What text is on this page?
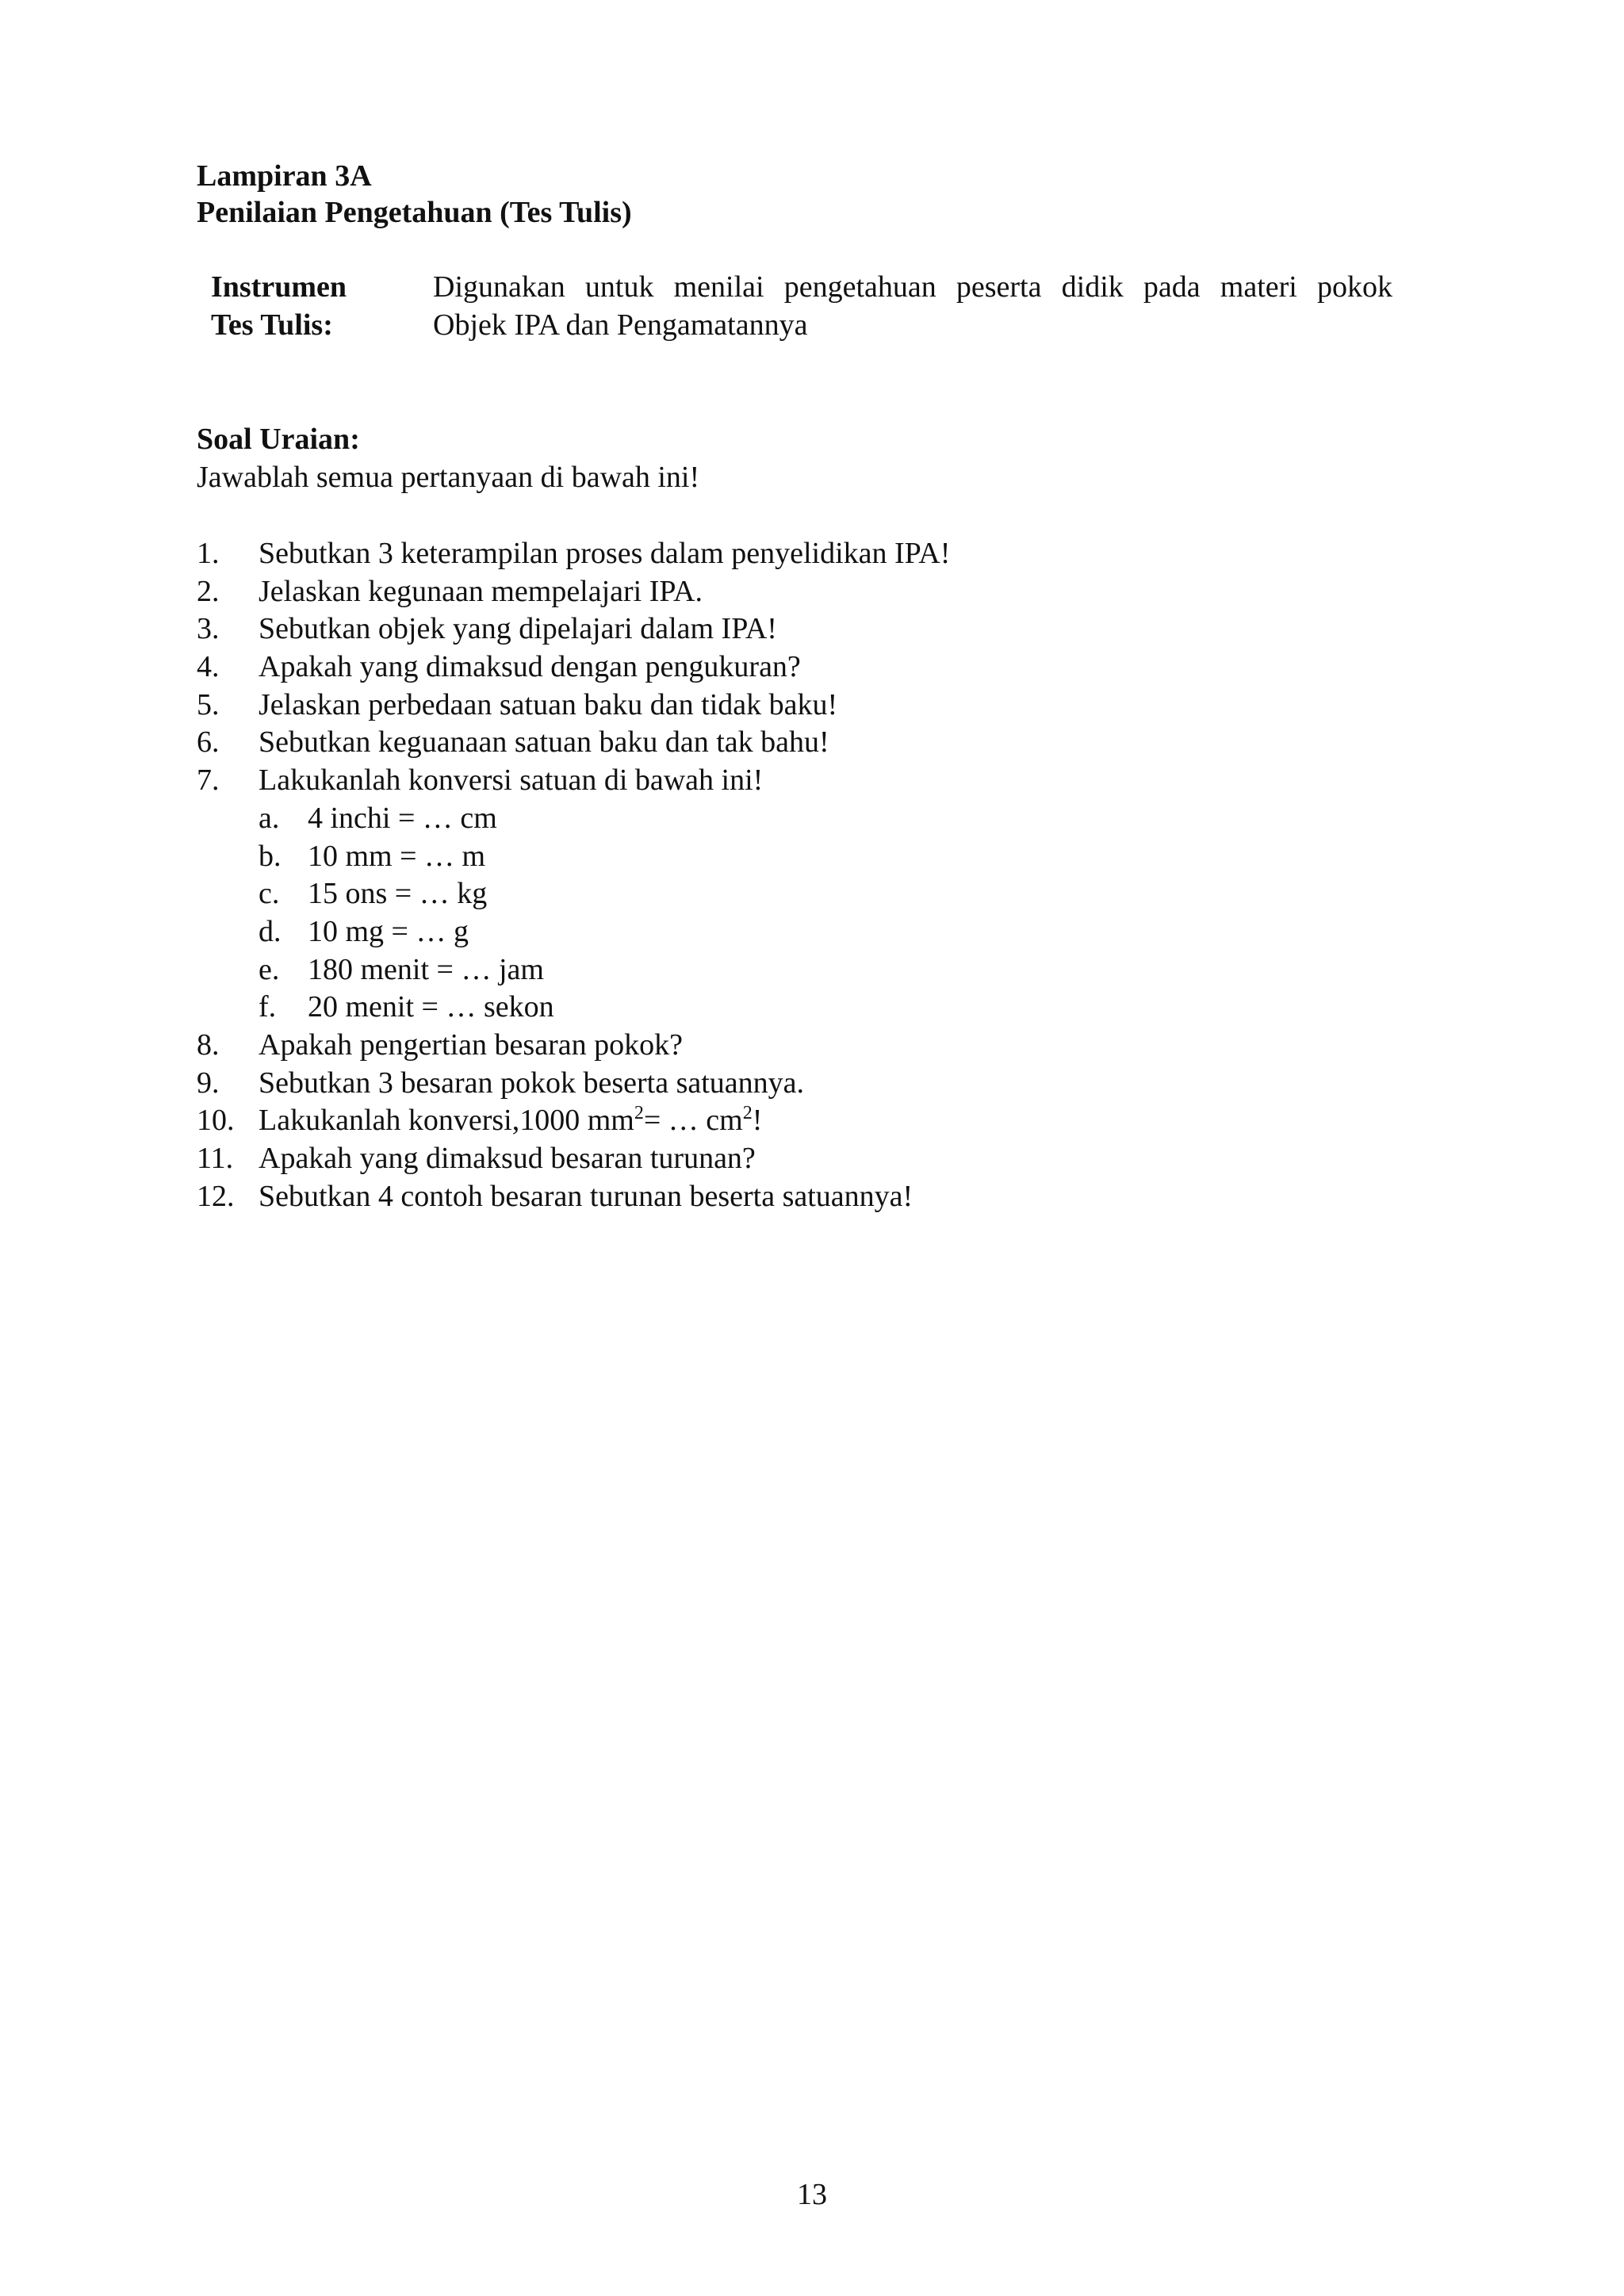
Lampiran 3A
Penilaian Pengetahuan (Tes Tulis)
Instrumen	Digunakan untuk menilai pengetahuan peserta didik pada materi pokok
Tes Tulis:	Objek IPA dan Pengamatannya
Soal Uraian:
Jawablah semua pertanyaan di bawah ini!
1.	Sebutkan 3 keterampilan proses dalam penyelidikan IPA!
2.	Jelaskan kegunaan mempelajari IPA.
3.	Sebutkan objek yang dipelajari dalam IPA!
4.	Apakah yang dimaksud dengan pengukuran?
5.	Jelaskan perbedaan satuan baku dan tidak baku!
6.	Sebutkan keguanaan satuan baku dan tak bahu!
7.	Lakukanlah konversi satuan di bawah ini!
a. 4 inchi = … cm
b. 10 mm = … m
c. 15 ons = … kg
d. 10 mg = … g
e. 180 menit = … jam
f.	20 menit = … sekon
8.	Apakah pengertian besaran pokok?
9.	Sebutkan 3 besaran pokok beserta satuannya.
10. Lakukanlah konversi,1000 $mm^2=$ … $cm^2$!
11. Apakah yang dimaksud besaran turunan?
12. Sebutkan 4 contoh besaran turunan beserta satuannya!
13
